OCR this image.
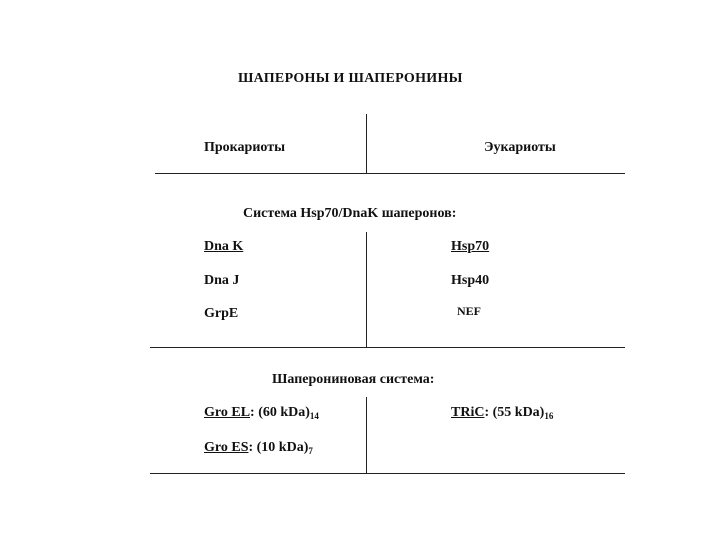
ШАПЕРОНЫ И ШАПЕРОНИНЫ
Прокариоты	Эукариоты
Система Hsp70/DnaK шаперонов:
Dna K	Hsp70
Dna J	Hsp40
GrpE	NEF
Шаперониновая система:
Gro EL: (60 $kDa)_{14}$	TRiC: (55 $kDa)_{16}$
Gro ES: (10 $kDa)_7$
